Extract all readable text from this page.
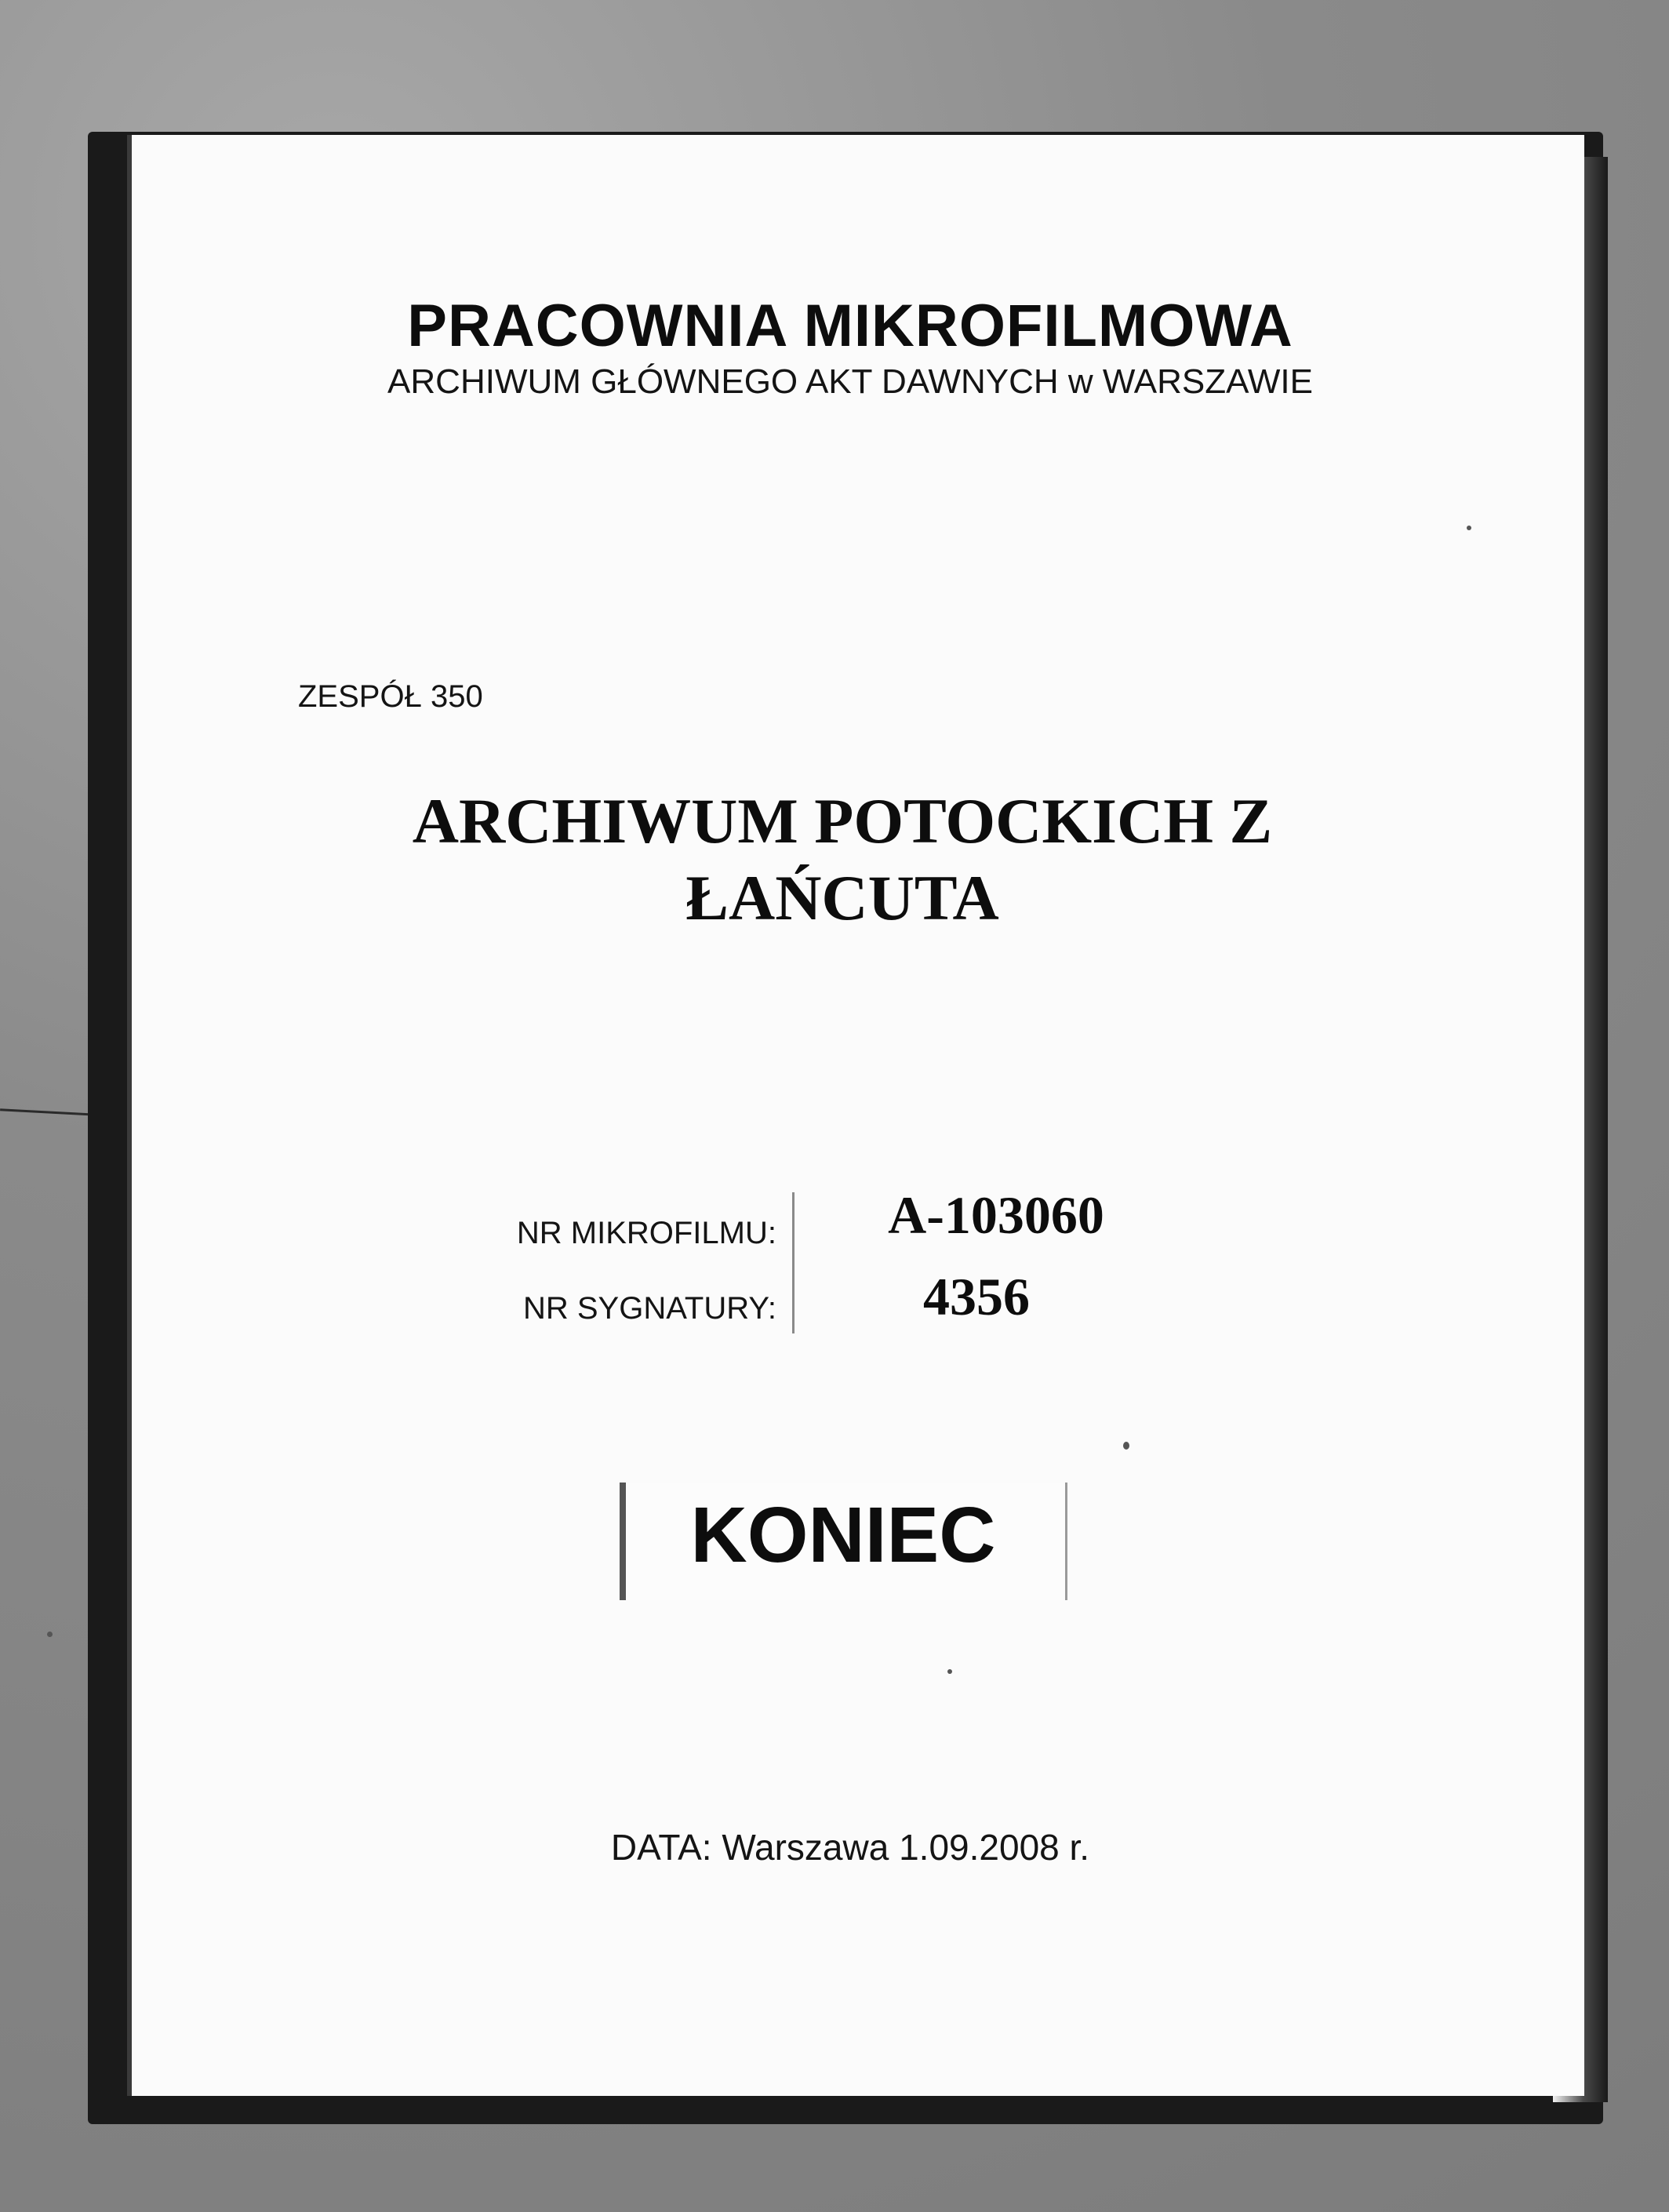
PRACOWNIA MIKROFILMOWA
ARCHIWUM GŁÓWNEGO AKT DAWNYCH w WARSZAWIE
ZESPÓŁ 350
ARCHIWUM POTOCKICH Z
ŁAŃCUTA
NR MIKROFILMU:	A-103060
NR SYGNATURY:	4356
KONIEC
DATA: Warszawa 1.09.2008 r.
